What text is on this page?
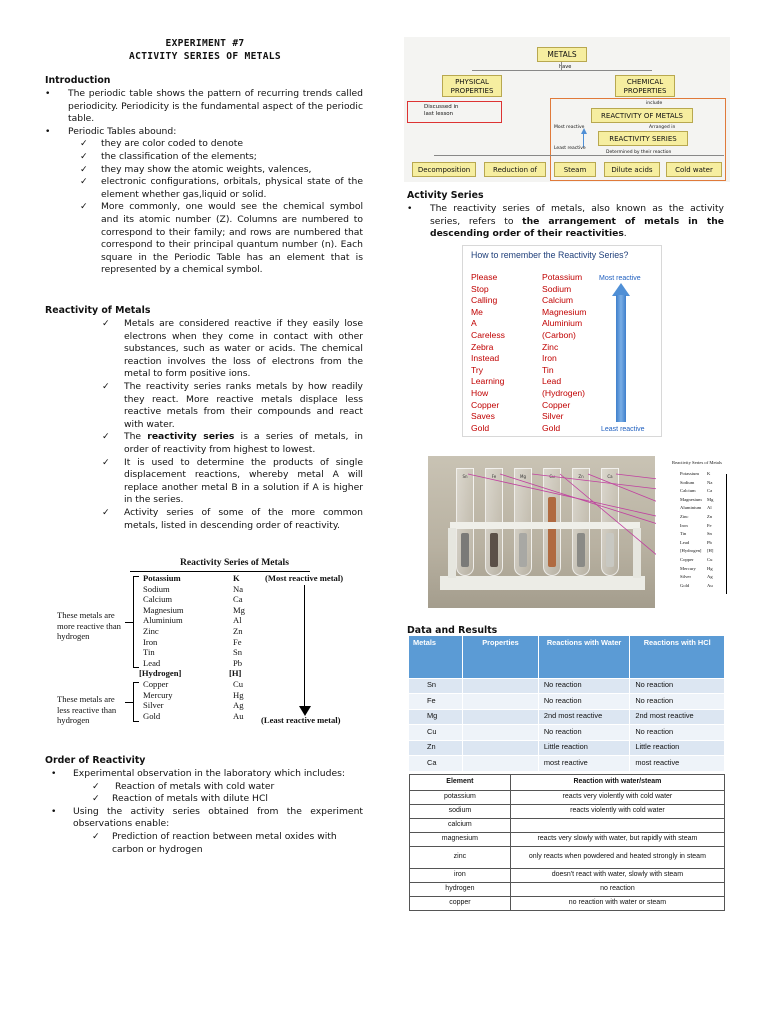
EXPERIMENT #7
ACTIVITY SERIES OF METALS
Introduction
• The periodic table shows the pattern of recurring trends called periodicity. Periodicity is the fundamental aspect of the periodic table.
• Periodic Tables abound:
✓ they are color coded to denote
✓ the classification of the elements;
✓ they may show the atomic weights, valences,
✓ electronic configurations, orbitals, physical state of the element whether gas,liquid or solid.
✓ More commonly, one would see the chemical symbol and its atomic number (Z). Columns are numbered to correspond to their family; and rows are numbered that correspond to their principal quantum number (n). Each square in the Periodic Table has an element that is represented by a chemical symbol.
Reactivity of Metals
✓ Metals are considered reactive if they easily lose electrons when they come in contact with other substances, such as water or acids. The chemical reaction involves the loss of electrons from the metal to form positive ions.
✓ The reactivity series ranks metals by how readily they react. More reactive metals displace less reactive metals from their compounds and react with water.
✓ The reactivity series is a series of metals, in order of reactivity from highest to lowest.
✓ It is used to determine the products of single displacement reactions, whereby metal A will replace another metal B in a solution if A is higher in the series.
✓ Activity series of some of the more common metals, listed in descending order of reactivity.
Reactivity Series of Metals
(Most reactive metal)
Potassium	K
Sodium	Na
Calcium	Ca
Magnesium	Mg
Aluminium	Al
Zinc	Zn
Iron	Fe
Tin	Sn
Lead	Pb
[Hydrogen]	[H]
Copper	Cu
Mercury	Hg
Silver	Ag
Gold	Au
These metals are more reactive than hydrogen
These metals are less reactive than hydrogen	(Least reactive metal)
Order of Reactivity
• Experimental observation in the laboratory which includes:
✓ Reaction of metals with cold water
✓ Reaction of metals with dilute HCl
• Using the activity series obtained from the experiment observations enable:
✓ Prediction of reaction between metal oxides with carbon or hydrogen
METALS
have
PHYSICAL PROPERTIES
CHEMICAL PROPERTIES
Discussed in last lesson
include
REACTIVITY OF METALS
Most reactive	Arranged in
REACTIVITY SERIES
Least reactive
Determined by their reaction
Decomposition	Reduction of	Steam	Dilute acids	Cold water
Activity Series
• The reactivity series of metals, also known as the activity series, refers to the arrangement of metals in the descending order of their reactivities.
How to remember the Reactivity Series?
Most reactive
Please	Potassium
Stop	Sodium
Calling	Calcium
Me	Magnesium
A	Aluminium
Careless	(Carbon)
Zebra	Zinc
Instead	Iron
Try	Tin
Learning	Lead
How	(Hydrogen)
Copper	Copper
Saves	Silver
Gold	Gold	Least reactive
Sn	Fe	Mg	Zn	Ca
Reactivity Series of Metals
Potassium K
Sodium	Na
Calcium Ca
Magnesium Mg
Aluminium Al
Zinc	Zn
Iron	Fe
Tin	Sn
Lead	Pb
[Hydrogen] [H]
Copper	Cu
Mercury Hg
Silver	Ag
Gold	Au
Data and Results
Metals	Properties	Reactions with Water	Reactions with HCl
Sn		No reaction	No reaction
Fe		No reaction	No reaction
Mg		2nd most reactive	2nd most reactive
Cu		No reaction	No reaction
Zn		Little reaction	Little reaction
Ca		most reactive	most reactive
Element	Reaction with water/steam
potassium	reacts very violently with cold water
sodium	reacts violently with cold water
calcium	
magnesium	reacts very slowly with water, but rapidly with steam
zinc	only reacts when powdered and heated strongly in steam
iron	doesn't react with water, slowly with steam
hydrogen	no reaction
copper	no reaction with water or steam
